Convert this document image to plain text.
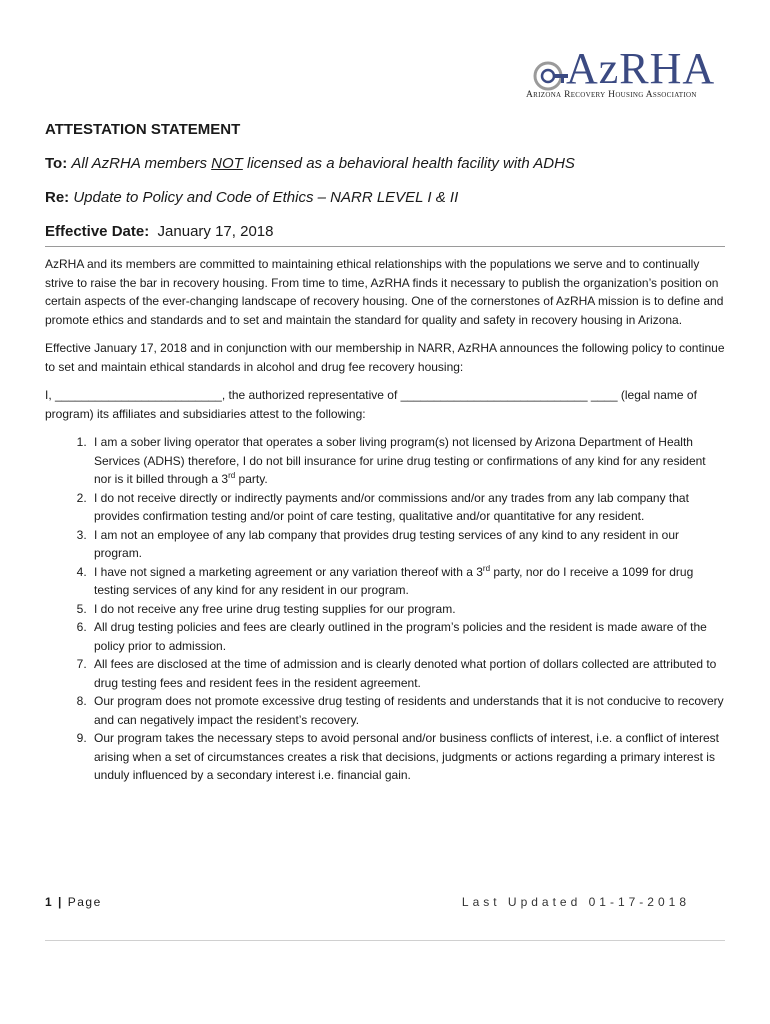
AzRHA
Arizona Recovery Housing Association
ATTESTATION STATEMENT
To: All AzRHA members NOT licensed as a behavioral health facility with ADHS
Re: Update to Policy and Code of Ethics – NARR LEVEL I & II
Effective Date: January 17, 2018

AzRHA and its members are committed to maintaining ethical relationships with the populations we serve and to continually strive to raise the bar in recovery housing. From time to time, AzRHA finds it necessary to publish the organization’s position on certain aspects of the ever-changing landscape of recovery housing. One of the cornerstones of AzRHA mission is to define and promote ethics and standards and to set and maintain the standard for quality and safety in recovery housing in Arizona.

Effective January 17, 2018 and in conjunction with our membership in NARR, AzRHA announces the following policy to continue to set and maintain ethical standards in alcohol and drug fee recovery housing:

I, _________________________, the authorized representative of ____________________________ ____ (legal name of program) its affiliates and subsidiaries attest to the following:

1. I am a sober living operator that operates a sober living program(s) not licensed by Arizona Department of Health Services (ADHS) therefore, I do not bill insurance for urine drug testing or confirmations of any kind for any resident nor is it billed through a 3rd party.
2. I do not receive directly or indirectly payments and/or commissions and/or any trades from any lab company that provides confirmation testing and/or point of care testing, qualitative and/or quantitative for any resident.
3. I am not an employee of any lab company that provides drug testing services of any kind to any resident in our program.
4. I have not signed a marketing agreement or any variation thereof with a 3rd party, nor do I receive a 1099 for drug testing services of any kind for any resident in our program.
5. I do not receive any free urine drug testing supplies for our program.
6. All drug testing policies and fees are clearly outlined in the program’s policies and the resident is made aware of the policy prior to admission.
7. All fees are disclosed at the time of admission and is clearly denoted what portion of dollars collected are attributed to drug testing fees and resident fees in the resident agreement.
8. Our program does not promote excessive drug testing of residents and understands that it is not conducive to recovery and can negatively impact the resident’s recovery.
9. Our program takes the necessary steps to avoid personal and/or business conflicts of interest, i.e. a conflict of interest arising when a set of circumstances creates a risk that decisions, judgments or actions regarding a primary interest is unduly influenced by a secondary interest i.e. financial gain.
1 | Page	Last Updated 01-17-2018
